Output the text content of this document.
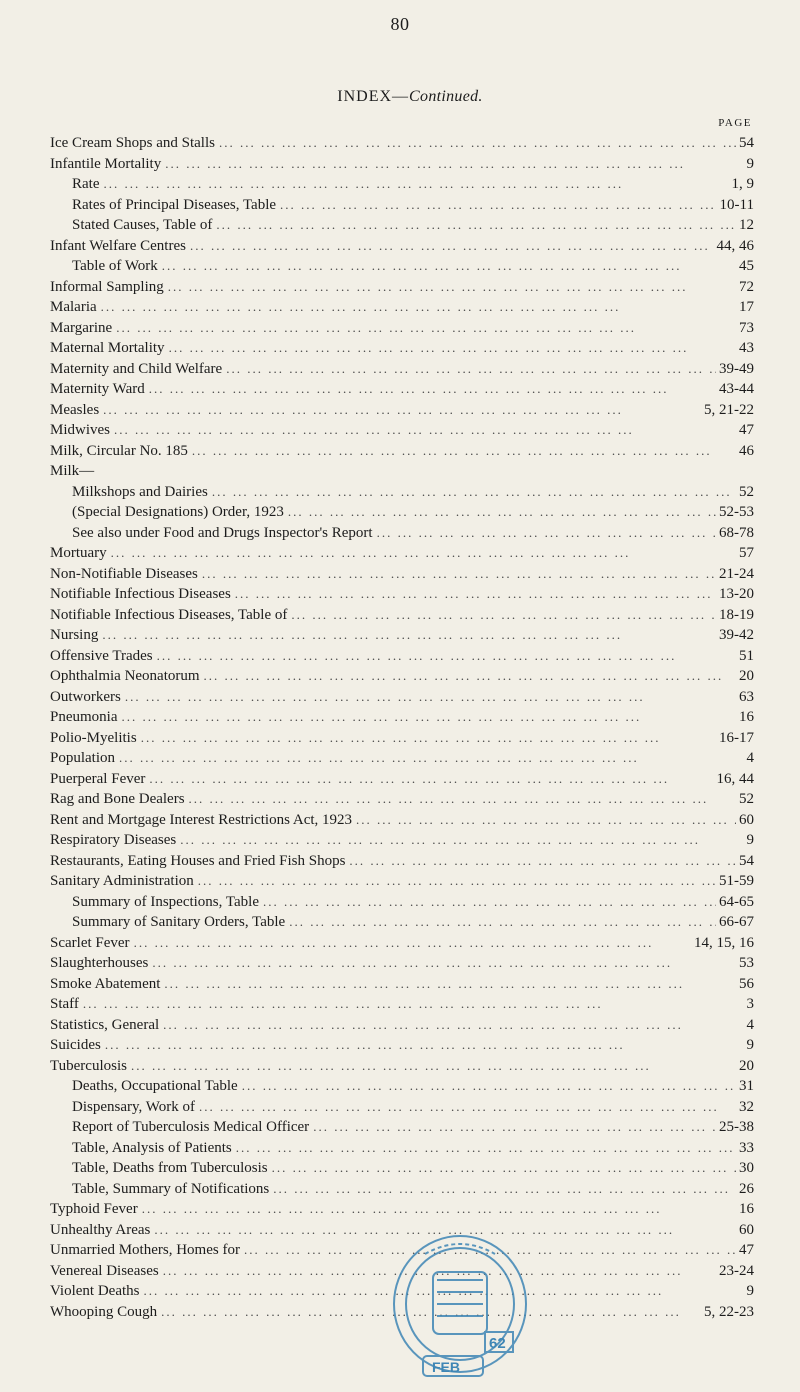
80
INDEX—Continued.
PAGE
Ice Cream Shops and Stalls ... .	54
Infantile Mortality ... .	9
Rate ... .	1, 9
Rates of Principal Diseases, Table ... .	10-11
Stated Causes, Table of ... .	12
Infant Welfare Centres ... .	44, 46
Table of Work ... .	45
Informal Sampling ... .	72
Malaria ... .	17
Margarine ... .	73
Maternal Mortality ... .	43
Maternity and Child Welfare ... .	39-49
Maternity Ward ... .	43-44
Measles ... .	5, 21-22
Midwives ... .	47
Milk, Circular No. 185 ... .	46
Milk—
Milkshops and Dairies ... .	52
(Special Designations) Order, 1923 ... .	52-53
See also under Food and Drugs Inspector's Report ... .	68-78
Mortuary ... .	57
Non-Notifiable Diseases ... .	21-24
Notifiable Infectious Diseases ... .	13-20
Notifiable Infectious Diseases, Table of ... .	18-19
Nursing ... .	39-42
Offensive Trades ... .	51
Ophthalmia Neonatorum ... .	20
Outworkers ... .	63
Pneumonia ... .	16
Polio-Myelitis ... .	16-17
Population ... .	4
Puerperal Fever ... .	16, 44
Rag and Bone Dealers ... .	52
Rent and Mortgage Interest Restrictions Act, 1923 ... .	60
Respiratory Diseases ... .	9
Restaurants, Eating Houses and Fried Fish Shops ... .	54
Sanitary Administration ... .	51-59
Summary of Inspections, Table ... .	64-65
Summary of Sanitary Orders, Table ... .	66-67
Scarlet Fever ... .	14, 15, 16
Slaughterhouses ... .	53
Smoke Abatement ... .	56
Staff ... .	3
Statistics, General ... .	4
Suicides ... .	9
Tuberculosis ... .	20
Deaths, Occupational Table ... .	31
Dispensary, Work of ... .	32
Report of Tuberculosis Medical Officer ... .	25-38
Table, Analysis of Patients ... .	33
Table, Deaths from Tuberculosis ... .	30
Table, Summary of Notifications ... .	26
Typhoid Fever ... .	16
Unhealthy Areas ... .	60
Unmarried Mothers, Homes for ... .	47
Venereal Diseases ... .	23-24
Violent Deaths ... .	9
Whooping Cough ... .	5, 22-23
62
FEB
